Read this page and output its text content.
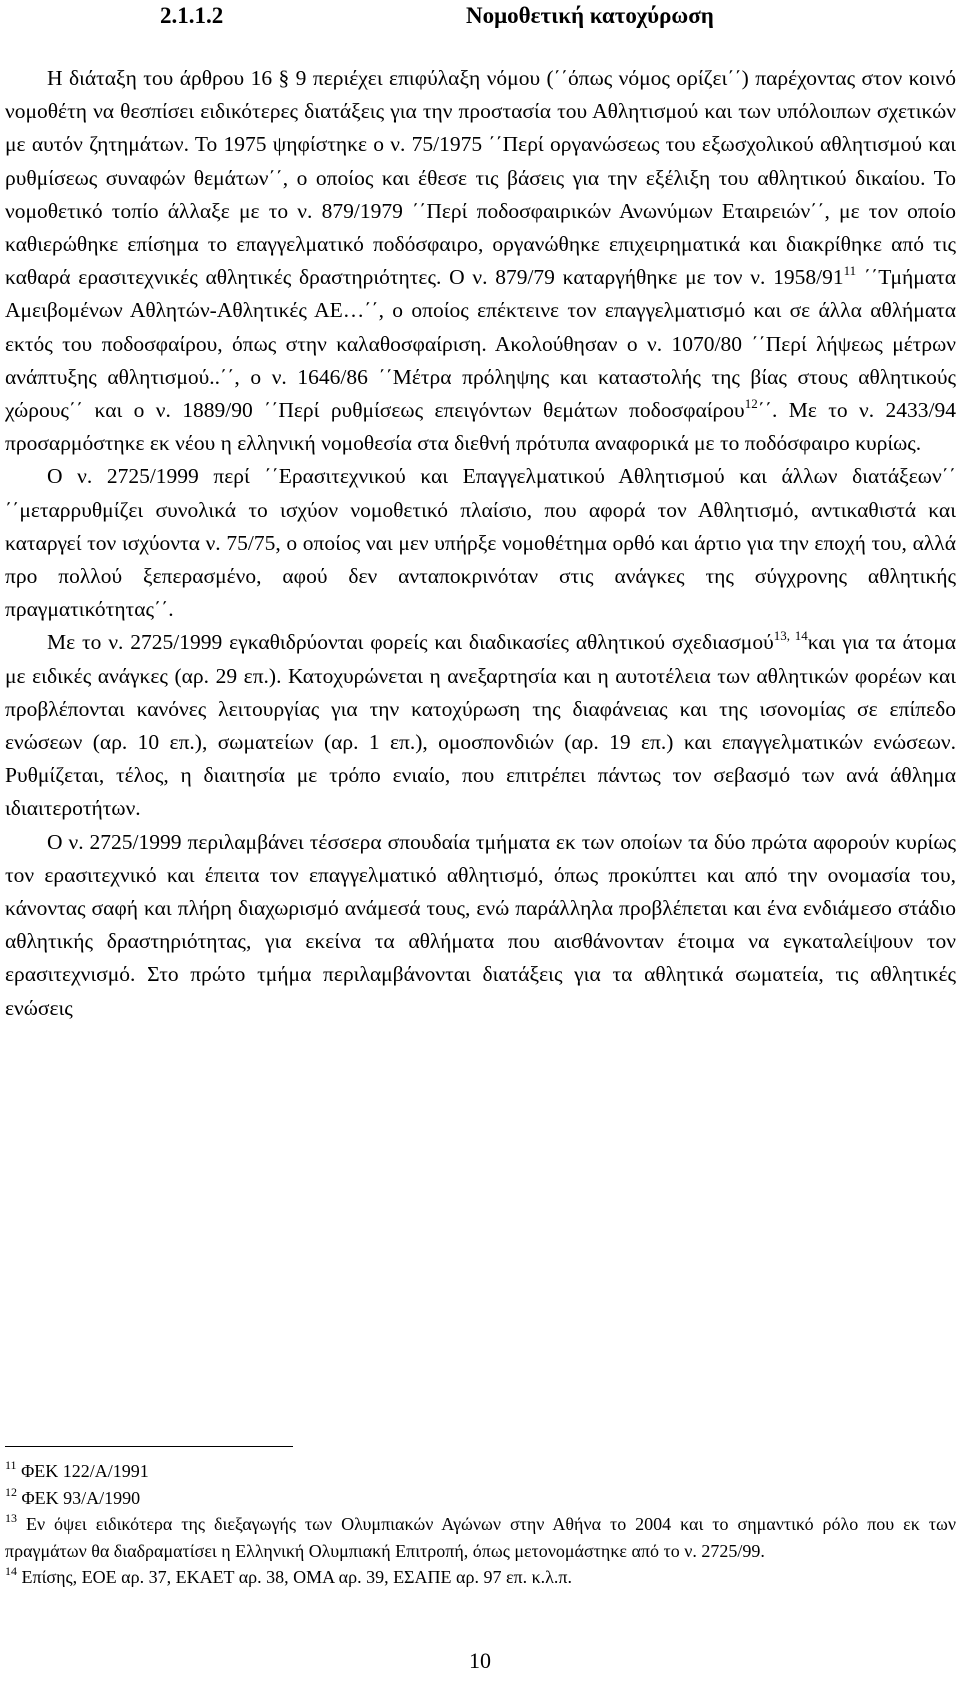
2.1.1.2	Νομοθετική κατοχύρωση

Η διάταξη του άρθρου 16 § 9 περιέχει επιφύλαξη νόμου (΄΄όπως νόμος ορίζει΄΄) παρέχοντας στον κοινό νομοθέτη να θεσπίσει ειδικότερες διατάξεις για την προστασία του Αθλητισμού και των υπόλοιπων σχετικών με αυτόν ζητημάτων. Το 1975 ψηφίστηκε ο ν. 75/1975 ΄΄Περί οργανώσεως του εξωσχολικού αθλητισμού και ρυθμίσεως συναφών θεμάτων΄΄, ο οποίος και έθεσε τις βάσεις για την εξέλιξη του αθλητικού δικαίου. Το νομοθετικό τοπίο άλλαξε με το ν. 879/1979 ΄΄Περί ποδοσφαιρικών Ανωνύμων Εταιρειών΄΄, με τον οποίο καθιερώθηκε επίσημα το επαγγελματικό ποδόσφαιρο, οργανώθηκε επιχειρηματικά και διακρίθηκε από τις καθαρά ερασιτεχνικές αθλητικές δραστηριότητες. Ο ν. 879/79 καταργήθηκε με τον ν. $1958/91^{11}$ ΄΄Τμήματα Αμειβομένων Αθλητών-Αθλητικές ΑΕ…΄΄, ο οποίος επέκτεινε τον επαγγελματισμό και σε άλλα αθλήματα εκτός του ποδοσφαίρου, όπως στην καλαθοσφαίριση. Ακολούθησαν ο ν. 1070/80 ΄΄Περί λήψεως μέτρων ανάπτυξης αθλητισμού..΄΄, ο ν. 1646/86 ΄΄Μέτρα πρόληψης και καταστολής της βίας στους αθλητικούς χώρους΄΄ και ο ν. 1889/90 ΄΄Περί ρυθμίσεως επειγόντων θεμάτων ποδοσφαίρου$^{12}$΄΄. Με το ν. 2433/94 προσαρμόστηκε εκ νέου η ελληνική νομοθεσία στα διεθνή πρότυπα αναφορικά με το ποδόσφαιρο κυρίως.

Ο ν. 2725/1999 περί ΄΄Ερασιτεχνικού και Επαγγελματικού Αθλητισμού και άλλων διατάξεων΄΄ ΄΄μεταρρυθμίζει συνολικά το ισχύον νομοθετικό πλαίσιο, που αφορά τον Αθλητισμό, αντικαθιστά και καταργεί τον ισχύοντα ν. 75/75, ο οποίος ναι μεν υπήρξε νομοθέτημα ορθό και άρτιο για την εποχή του, αλλά προ πολλού ξεπερασμένο, αφού δεν ανταποκρινόταν στις ανάγκες της σύγχρονης αθλητικής πραγματικότητας΄΄.

Με το ν. 2725/1999 εγκαθιδρύονται φορείς και διαδικασίες αθλητικού σχεδιασμού$^{13,}$ $^{14}$και για τα άτομα με ειδικές ανάγκες (αρ. 29 επ.). Κατοχυρώνεται η ανεξαρτησία και η αυτοτέλεια των αθλητικών φορέων και προβλέπονται κανόνες λειτουργίας για την κατοχύρωση της διαφάνειας και της ισονομίας σε επίπεδο ενώσεων (αρ. 10 επ.), σωματείων (αρ. 1 επ.), ομοσπονδιών (αρ. 19 επ.) και επαγγελματικών ενώσεων. Ρυθμίζεται, τέλος, η διαιτησία με τρόπο ενιαίο, που επιτρέπει πάντως τον σεβασμό των ανά άθλημα ιδιαιτεροτήτων.

Ο ν. 2725/1999 περιλαμβάνει τέσσερα σπουδαία τμήματα εκ των οποίων τα δύο πρώτα αφορούν κυρίως τον ερασιτεχνικό και έπειτα τον επαγγελματικό αθλητισμό, όπως προκύπτει και από την ονομασία του, κάνοντας σαφή και πλήρη διαχωρισμό ανάμεσά τους, ενώ παράλληλα προβλέπεται και ένα ενδιάμεσο στάδιο αθλητικής δραστηριότητας, για εκείνα τα αθλήματα που αισθάνονταν έτοιμα να εγκαταλείψουν τον ερασιτεχνισμό. Στο πρώτο τμήμα περιλαμβάνονται διατάξεις για τα αθλητικά σωματεία, τις αθλητικές ενώσεις

$^{11}$ ΦΕΚ 122/Α/1991

$^{12}$ ΦΕΚ 93/Α/1990

$^{13}$ Εν όψει ειδικότερα της διεξαγωγής των Ολυμπιακών Αγώνων στην Αθήνα το 2004 και το σημαντικό ρόλο που εκ των πραγμάτων θα διαδραματίσει η Ελληνική Ολυμπιακή Επιτροπή, όπως μετονομάστηκε από το ν. 2725/99.

$^{14}$ Επίσης, ΕΟΕ αρ. 37, ΕΚΑΕΤ αρ. 38, ΟΜΑ αρ. 39, ΕΣΑΠΕ αρ. 97 επ. κ.λ.π.

10
